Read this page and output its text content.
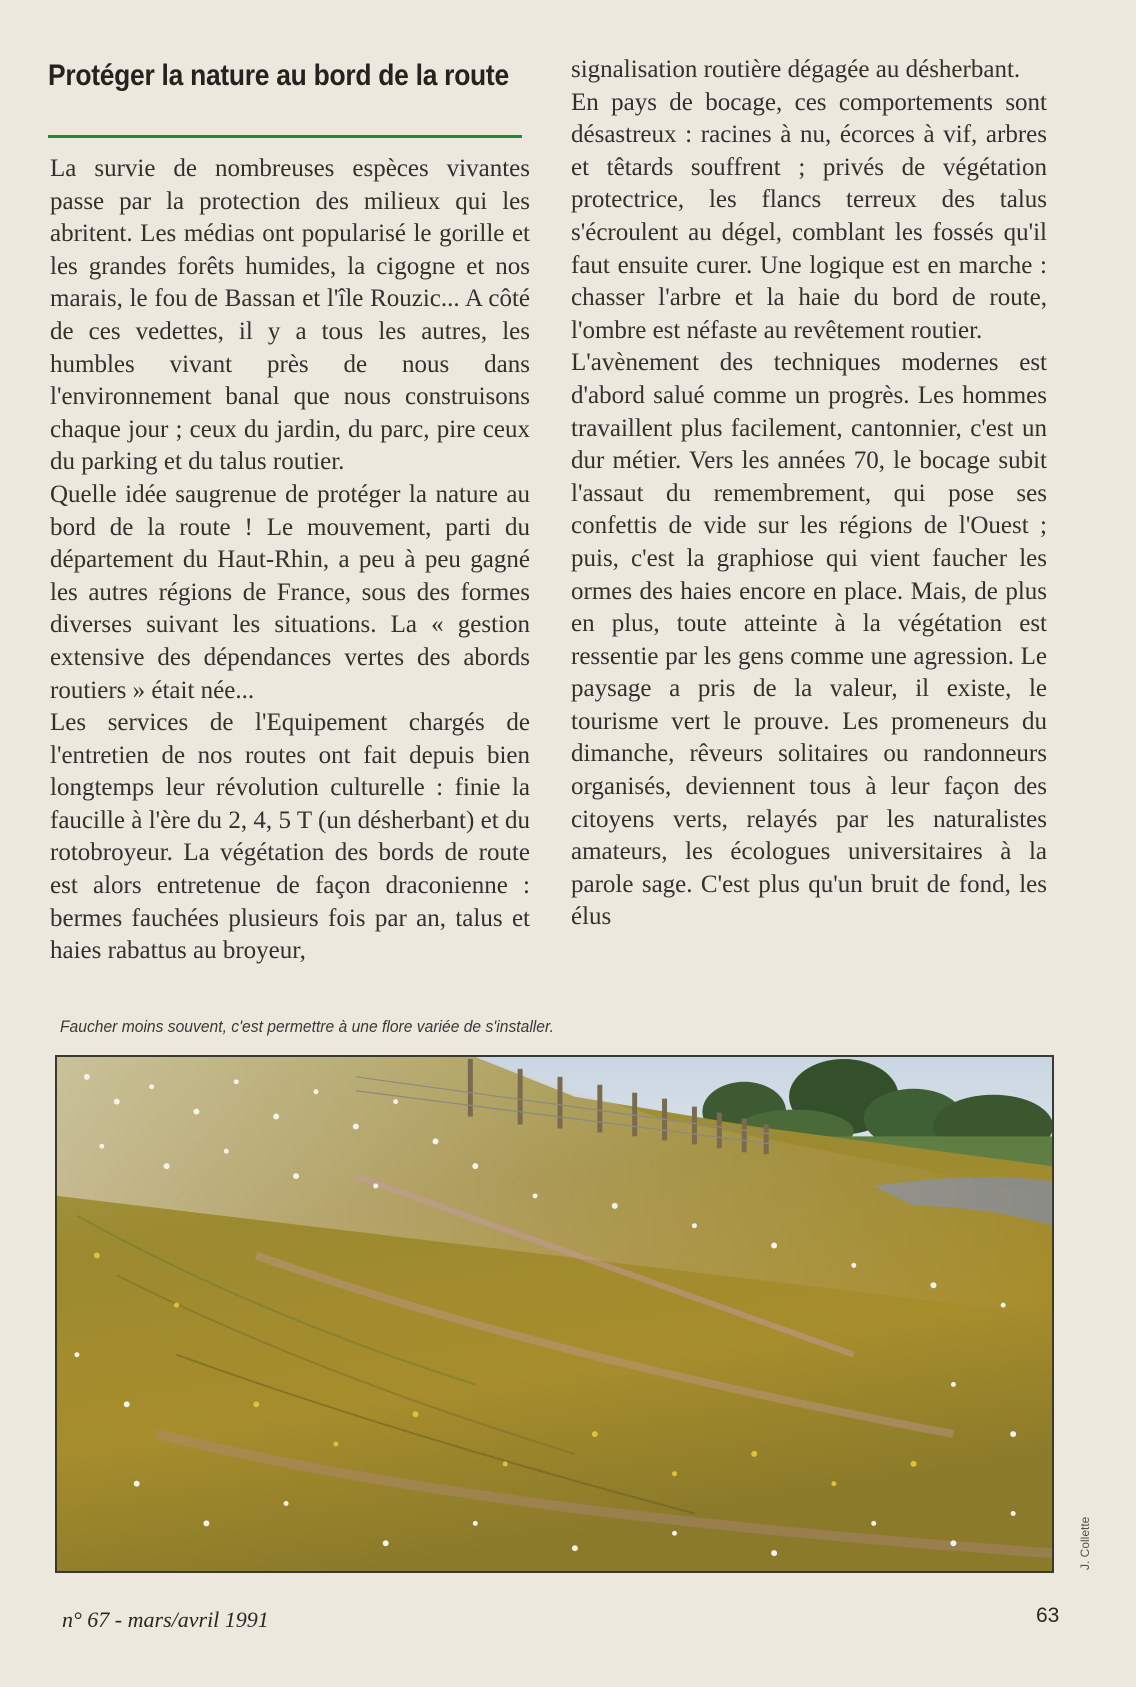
Protéger la nature au bord de la route

La survie de nombreuses espèces vivantes passe par la protection des milieux qui les abritent. Les médias ont popularisé le gorille et les grandes forêts humides, la cigogne et nos marais, le fou de Bassan et l'île Rouzic... A côté de ces vedettes, il y a tous les autres, les humbles vivant près de nous dans l'environnement banal que nous construisons chaque jour ; ceux du jardin, du parc, pire ceux du parking et du talus routier.

Quelle idée saugrenue de protéger la nature au bord de la route ! Le mouvement, parti du département du Haut-Rhin, a peu à peu gagné les autres régions de France, sous des formes diverses suivant les situations. La « gestion extensive des dépendances vertes des abords routiers » était née...

Les services de l'Equipement chargés de l'entretien de nos routes ont fait depuis bien longtemps leur révolution culturelle : finie la faucille à l'ère du 2, 4, 5 T (un désherbant) et du rotobroyeur. La végétation des bords de route est alors entretenue de façon draconienne : bermes fauchées plusieurs fois par an, talus et haies rabattus au broyeur,

signalisation routière dégagée au désherbant.

En pays de bocage, ces comportements sont désastreux : racines à nu, écorces à vif, arbres et têtards souffrent ; privés de végétation protectrice, les flancs terreux des talus s'écroulent au dégel, comblant les fossés qu'il faut ensuite curer. Une logique est en marche : chasser l'arbre et la haie du bord de route, l'ombre est néfaste au revêtement routier.

L'avènement des techniques modernes est d'abord salué comme un progrès. Les hommes travaillent plus facilement, cantonnier, c'est un dur métier. Vers les années 70, le bocage subit l'assaut du remembrement, qui pose ses confettis de vide sur les régions de l'Ouest ; puis, c'est la graphiose qui vient faucher les ormes des haies encore en place. Mais, de plus en plus, toute atteinte à la végétation est ressentie par les gens comme une agression. Le paysage a pris de la valeur, il existe, le tourisme vert le prouve. Les promeneurs du dimanche, rêveurs solitaires ou randonneurs organisés, deviennent tous à leur façon des citoyens verts, relayés par les naturalistes amateurs, les écologues universitaires à la parole sage. C'est plus qu'un bruit de fond, les élus

Faucher moins souvent, c'est permettre à une flore variée de s'installer.

J. Collette

n° 67 - mars/avril 1991	63
